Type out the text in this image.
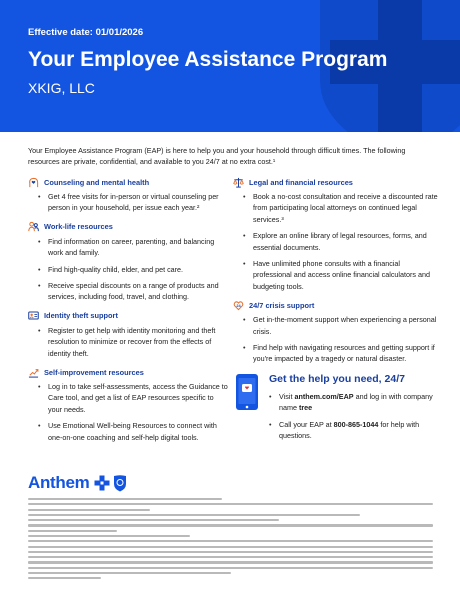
Effective date: 01/01/2026
Your Employee Assistance Program
XKIG, LLC

Your Employee Assistance Program (EAP) is here to help you and your household through difficult times. The following resources are private, confidential, and available to you 24/7 at no extra cost.¹

Counseling and mental health
• Get 4 free visits for in-person or virtual counseling per person in your household, per issue each year.²
Work-life resources
• Find information on career, parenting, and balancing work and family.
• Find high-quality child, elder, and pet care.
• Receive special discounts on a range of products and services, including food, travel, and clothing.
Identity theft support
• Register to get help with identity monitoring and theft resolution to minimize or recover from the effects of identity theft.
Self-improvement resources
• Log in to take self-assessments, access the Guidance to Care tool, and get a list of EAP resources specific to your needs.
• Use Emotional Well-being Resources to connect with one-on-one coaching and self-help digital tools.
Legal and financial resources
• Book a no-cost consultation and receive a discounted rate from participating local attorneys on continued legal services.³
• Explore an online library of legal resources, forms, and essential documents.
• Have unlimited phone consults with a financial professional and access online financial calculators and budgeting tools.
24 24/7 crisis support
• Get in-the-moment support when experiencing a personal crisis.
• Find help with navigating resources and getting support if you're impacted by a tragedy or natural disaster.
Get the help you need, 24/7
• Visit anthem.com/EAP and log in with company name tree
• Call your EAP at 800-865-1044 for help with questions.
Anthem
